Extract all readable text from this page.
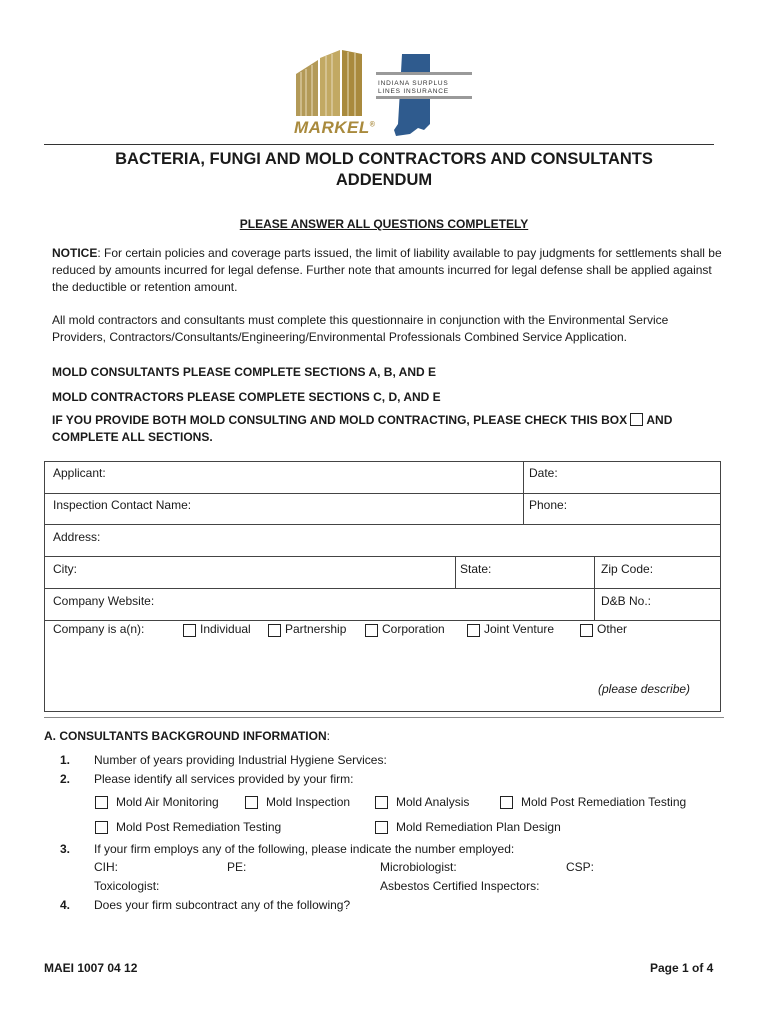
INDIANA SURPLUS
LINES INSURANCE
MARKEL®
BACTERIA, FUNGI AND MOLD CONTRACTORS AND CONSULTANTS
ADDENDUM
PLEASE ANSWER ALL QUESTIONS COMPLETELY
NOTICE: For certain policies and coverage parts issued, the limit of liability available to pay judgments for settlements shall be reduced by amounts incurred for legal defense. Further note that amounts incurred for legal defense shall be applied against the deductible or retention amount.
All mold contractors and consultants must complete this questionnaire in conjunction with the Environmental Service Providers, Contractors/Consultants/Engineering/Environmental Professionals Combined Service Application.
MOLD CONSULTANTS PLEASE COMPLETE SECTIONS A, B, AND E
MOLD CONTRACTORS PLEASE COMPLETE SECTIONS C, D, AND E
IF YOU PROVIDE BOTH MOLD CONSULTING AND MOLD CONTRACTING, PLEASE CHECK THIS BOX AND
COMPLETE ALL SECTIONS.
Applicant:	Date:
Inspection Contact Name:	Phone:
Address:
City:	State:	Zip Code:
Company Website:	D&B No.:
Company is a(n):	Individual	Partnership	Corporation	Joint Venture	Other
(please describe)
A. CONSULTANTS BACKGROUND INFORMATION:
1. Number of years providing Industrial Hygiene Services:
2. Please identify all services provided by your firm:
Mold Air Monitoring	Mold Inspection	Mold Analysis	Mold Post Remediation Testing
Mold Post Remediation Testing	Mold Remediation Plan Design
3. If your firm employs any of the following, please indicate the number employed:
CIH:	PE:	Microbiologist:	CSP:
Toxicologist:	Asbestos Certified Inspectors:
4. Does your firm subcontract any of the following?
MAEI 1007 04 12	Page 1 of 4
